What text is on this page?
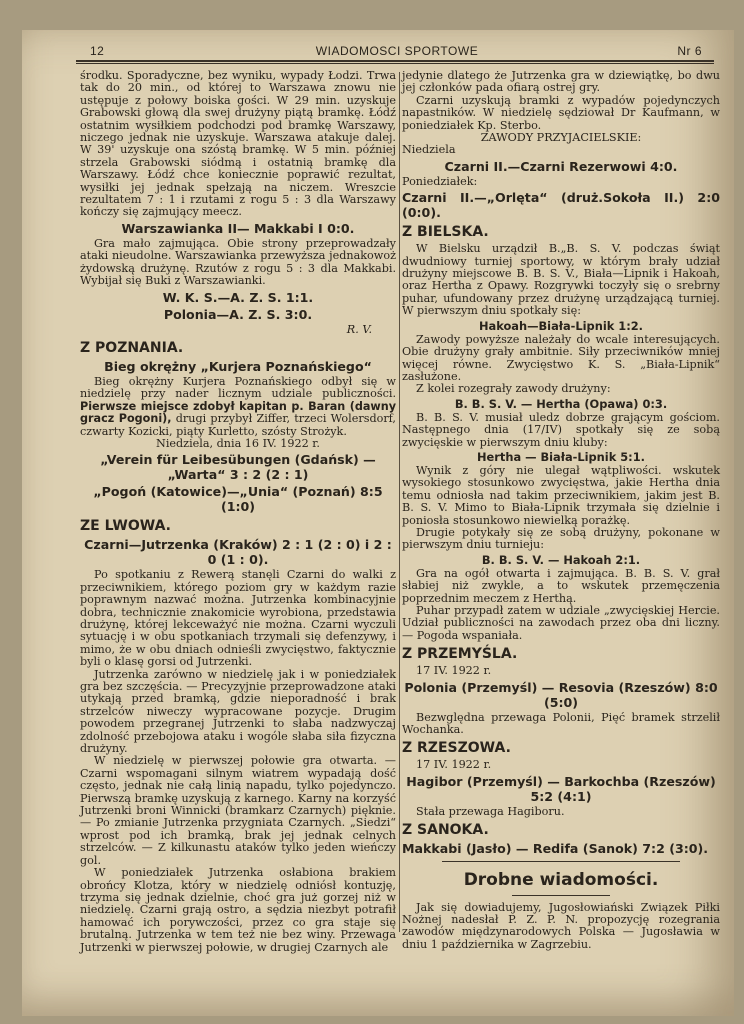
12	WIADOMOSCI SPORTOWE	Nr 6

środku. Sporadyczne, bez wyniku, wypady Łodzi. Trwa tak do 20 min., od której to Warszawa znowu nie ustępuje z połowy boiska gości. W 29 min. uzyskuje Grabowski głową dla swej drużyny piątą bramkę. Łódź ostatnim wysiłkiem podchodzi pod bramkę Warszawy, niczego jednak nie uzyskuje. Warszawa atakuje dalej. W 39' uzyskuje ona szóstą bramkę. W 5 min. później strzela Grabowski siódmą i ostatnią bramkę dla Warszawy. Łódź chce koniecznie poprawić rezultat, wysiłki jej jednak spełzają na niczem. Wreszcie rezultatem 7 : 1 i rzutami z rogu 5 : 3 dla Warszawy kończy się zajmujący meecz.

Warszawianka II— Makkabi I 0:0.

Gra mało zajmująca. Obie strony przeprowadzały ataki nieudolne. Warszawianka przewyższa jednakowoż żydowską drużynę. Rzutów z rogu 5 : 3 dla Makkabi. Wybijał się Buki z Warszawianki.

W. K. S.—A. Z. S. 1:1.
Polonia—A. Z. S. 3:0.

R. V.

Z POZNANIA.
Bieg okrężny „Kurjera Poznańskiego“

Bieg okrężny Kurjera Poznańskiego odbył się w niedzielę przy nader licznym udziale publiczności. Pierwsze miejsce zdobył kapitan p. Baran (dawny gracz Pogoni), drugi przybył Ziffer, trzeci Wolersdorf, czwarty Kozicki, piąty Kurletto, szósty Strożyk.

Niedziela, dnia 16 IV. 1922 r.

„Verein für Leibesübungen (Gdańsk) —„Warta“ 3 : 2 (2 : 1)
„Pogoń (Katowice)—„Unia“ (Poznań) 8:5 (1:0)
ZE LWOWA.
Czarni—Jutrzenka (Kraków) 2 : 1 (2 : 0) i 2 : 0 (1 : 0).

Po spotkaniu z Rewerą stanęli Czarni do walki z przeciwnikiem, którego poziom gry w każdym razie poprawnym nazwać można. Jutrzenka kombinacyjnie dobra, technicznie znakomicie wyrobiona, przedstawia drużynę, której lekceważyć nie można. Czarni wyczuli sytuację i w obu spotkaniach trzymali się defenzywy, i mimo, że w obu dniach odnieśli zwycięstwo, faktycznie byli o klasę gorsi od Jutrzenki.

Jutrzenka zarówno w niedzielę jak i w poniedziałek gra bez szczęścia. — Precyzyjnie przeprowadzone ataki utykają przed bramką, gdzie nieporadność i brak strzelców niweczy wypracowane pozycje. Drugim powodem przegranej Jutrzenki to słaba nadzwyczaj zdolność przebojowa ataku i wogóle słaba siła fizyczna drużyny.

W niedzielę w pierwszej połowie gra otwarta. — Czarni wspomagani silnym wiatrem wypadają dość często, jednak nie całą linią napadu, tylko pojedynczo. Pierwszą bramkę uzyskują z karnego. Karny na korzyść Jutrzenki broni Winnicki (bramkarz Czarnych) pięknie. — Po zmianie Jutrzenka przygniata Czarnych. „Siedzi“ wprost pod ich bramką, brak jej jednak celnych strzelców. — Z kilkunastu ataków tylko jeden wieńczy gol.

W poniedziałek Jutrzenka osłabiona brakiem obrońcy Klotza, który w niedzielę odniósł kontuzję, trzyma się jednak dzielnie, choć gra już gorzej niż w niedzielę. Czarni grają ostro, a sędzia niezbyt potrafił hamować ich porywczości, przez co gra staje się brutalną. Jutrzenka w tem też nie bez winy. Przewaga Jutrzenki w pierwszej połowie, w drugiej Czarnych ale

jedynie dlatego że Jutrzenka gra w dziewiątkę, bo dwu jej członków pada ofiarą ostrej gry.

Czarni uzyskują bramki z wypadów pojedynczych napastników. W niedzielę sędziował Dr Kaufmann, w poniedziałek Kp. Sterbo.

ZAWODY PRZYJACIELSKIE:

Niedziela

Czarni II.—Czarni Rezerwowi 4:0.

Poniedziałek:

Czarni II.—„Orlęta“ (druż.Sokoła II.) 2:0 (0:0).
Z BIELSKA.

W Bielsku urządził B.„B. S. V. podczas świąt dwudniowy turniej sportowy, w którym brały udział drużyny miejscowe B. B. S. V., Biała—Lipnik i Hakoah, oraz Hertha z Opawy. Rozgrywki toczyły się o srebrny puhar, ufundowany przez drużynę urządzającą turniej. W pierwszym dniu spotkały się:

Hakoah—Biała-Lipnik 1:2.

Zawody powyższe należały do wcale interesujących. Obie drużyny grały ambitnie. Siły przeciwników mniej więcej równe. Zwycięstwo K. S. „Biała-Lipnik“ zasłużone.

Z kolei rozegrały zawody drużyny:

B. B. S. V. — Hertha (Opawa) 0:3.

B. B. S. V. musiał uledz dobrze grającym gościom. Następnego dnia (17/IV) spotkały się ze sobą zwycięskie w pierwszym dniu kluby:

Hertha — Biała-Lipnik 5:1.

Wynik z góry nie ulegał wątpliwości. wskutek wysokiego stosunkowo zwycięstwa, jakie Hertha dnia temu odniosła nad takim przeciwnikiem, jakim jest B. B. S. V. Mimo to Biała-Lipnik trzymała się dzielnie i poniosła stosunkowo niewielką porażkę.

Drugie potykały się ze sobą drużyny, pokonane w pierwszym dniu turnieju:

B. B. S. V. — Hakoah 2:1.

Gra na ogół otwarta i zajmująca. B. B. S. V. grał słabiej niż zwykle, a to wskutek przemęczenia poprzednim meczem z Herthą.

Puhar przypadł zatem w udziale „zwycięskiej Hercie. Udział publiczności na zawodach przez oba dni liczny. — Pogoda wspaniała.

Z PRZEMYŚLA.

17 IV. 1922 r.

Polonia (Przemyśl) — Resovia (Rzeszów) 8:0 (5:0)

Bezwględna przewaga Polonii, Pięć bramek strzelił Wochanka.

Z RZESZOWA.

17 IV. 1922 r.

Hagibor (Przemyśl) — Barkochba (Rzeszów) 5:2 (4:1)

Stała przewaga Hagiboru.

Z SANOKA.
Makkabi (Jasło) — Redifa (Sanok) 7:2 (3:0).
Drobne wiadomości.

Jak się dowiadujemy, Jugosłowiański Związek Piłki Nożnej nadesłał P. Z. P. N. propozycję rozegrania zawodów międzynarodowych Polska — Jugosławia w dniu 1 października w Zagrzebiu.
